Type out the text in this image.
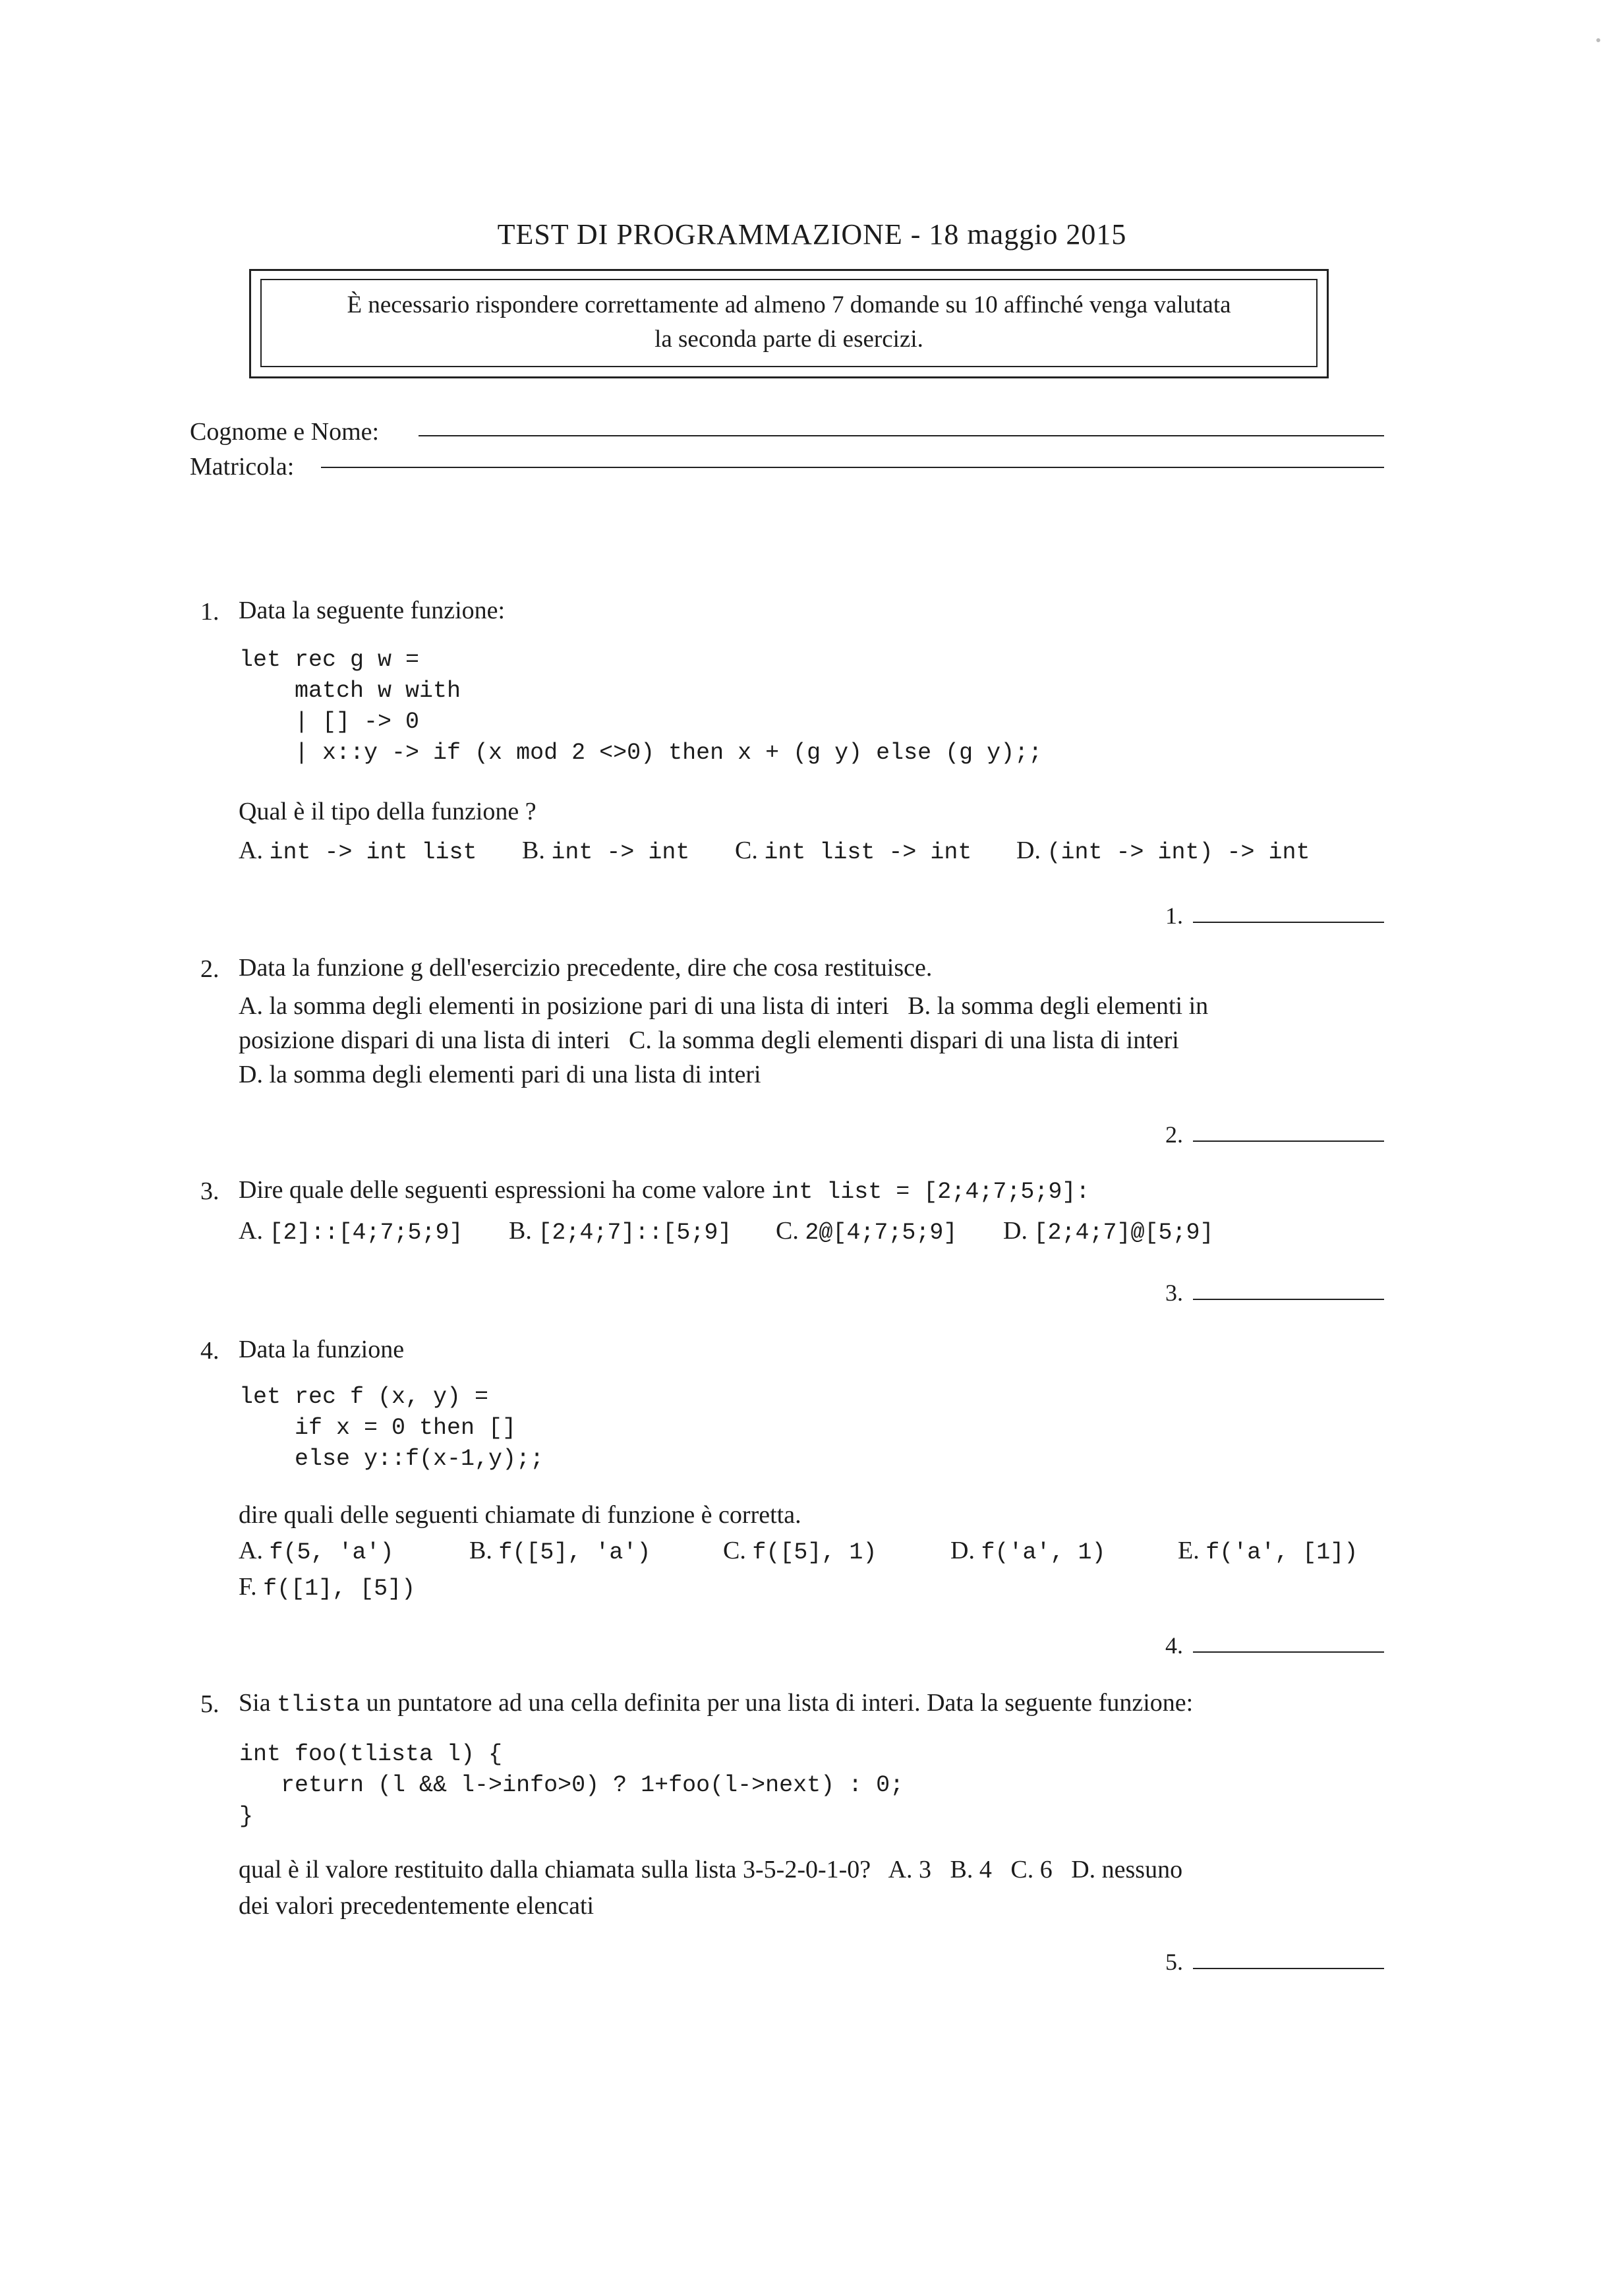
TEST DI PROGRAMMAZIONE - 18 maggio 2015
È necessario rispondere correttamente ad almeno 7 domande su 10 affinché venga valutata
la seconda parte di esercizi.
Cognome e Nome:
Matricola:
1. Data la seguente funzione:
let rec g w =
match w with
| [] -> 0
| x::y -> if (x mod 2 <>0) then x + (g y) else (g y);;
Qual è il tipo della funzione ?
A. int -> int list B. int -> int C. int list -> int D. (int -> int) -> int
1.
2. Data la funzione g dell'esercizio precedente, dire che cosa restituisce.
A. la somma degli elementi in posizione pari di una lista di interi   B. la somma degli elementi in
posizione dispari di una lista di interi   C. la somma degli elementi dispari di una lista di interi
D. la somma degli elementi pari di una lista di interi
2.
3. Dire quale delle seguenti espressioni ha come valore int list = [2;4;7;5;9]:
A. [2]::[4;7;5;9] B. [2;4;7]::[5;9] C. 2@[4;7;5;9] D. [2;4;7]@[5;9]
3.
4. Data la funzione
let rec f (x, y) =
if x = 0 then []
else y::f(x-1,y);;
dire quali delle seguenti chiamate di funzione è corretta.
A. f(5, 'a')	B. f([5], 'a')	C. f([5], 1)	D. f('a', 1)	E. f('a', [1])
F. f([1], [5])
4.
5. Sia tlista un puntatore ad una cella definita per una lista di interi. Data la seguente funzione:
int foo(tlista l) {
return (l && l->info>0) ? 1+foo(l->next) : 0;
}
qual è il valore restituito dalla chiamata sulla lista 3-5-2-0-1-0?   A. 3   B. 4   C. 6   D. nessuno
dei valori precedentemente elencati
5.
